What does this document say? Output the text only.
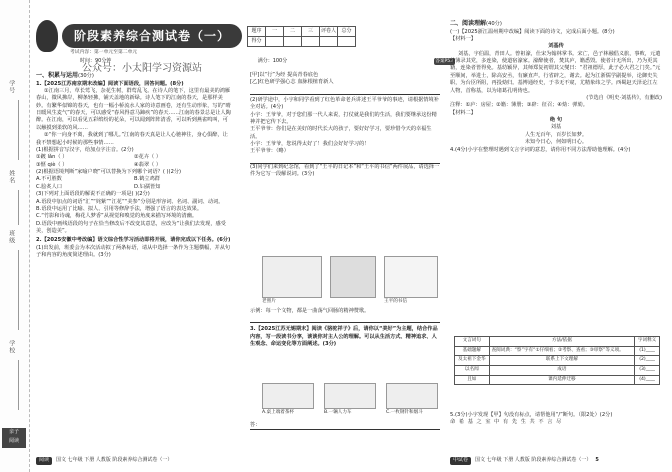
学号
姓名
班级
学校
亲子
阅读
阶段素养综合测试卷（一）
考试内容：第一单元至第二单元
题序	一	二	三	评卷人	总分
得分					
时间：90分钟	满分：100分	答案P53
公众号：小太阳学习资源站
一、积累与运用(30分)
1.【2025江苏南京期末改编】阅读下面语段，回答问题。(8分)
①江南三月，草长莺飞，杂花生树，群莺乱飞。在诗人的笔下，这里有最美的鸿雁春山，微风拂岸，柳条轻拂，铺天盖地的新绿。诗人笔下的江南的春天，是那样美妙。有繁华似锦的春天，也有一幅小桥流水人家的诗意画卷，还有生动形象，写的“晴日暖风生麦气”的春天，可以感受“春风得意马蹄疾”的春天……江南的春景总是让人陶醉。在江南，可以看见五彩缤纷的花朵，可以闻到阵阵清香，可以听到燕雀鸣叫，可以触摸到柔软的风……
②“你一向身不离，我就到了哪儿。”江南的春天真是让人心驰神往，身心俱醉，让我不禁想起小时候的那些事情……
(1)根据拼音写汉字，给加点字注音。(2分)
①踱 lǎn（ ）	②花卉（ ）
③惬 qiè（ ）	④翡翠（ ）
(2)根据语境判断“家喻户晓”可以替换为下列哪个词语？( )(2分)
A.不可胜数	B.鹤立鸡群
C.脍炙人口	D.妇孺皆知
(3)下列对上面语段的解说不正确的一项是( )(2分)
A.语段中加点的词语“汇”“姹紫”“江花”“美参”分别是形容词、名词、副词、动词。
B.语段中运用了比喻、拟人、引用等修辞手法，增强了语言的表达效果。
C.“竹影和诗魂，梅花人梦香”从视觉和嗅觉的角度来描写环境的清幽。
D.语段中画线语段的句子在恰当修改后不改变其意思，应改为“让我们去发现，感受美，创造美”。
2.【2025安徽中考改编】语文综合性学习活动即将开展，请你完成以下任务。(6分)
(1)出发前，班委会为本次活动拟了两条标语，请从中选择一条作为主题横幅，并从句子和内容的角度简述理由。(3分)
[甲]以“行”为经 提高青春底色
[乙]红色研学强心志 血脉根植育新人
(2)研学途中，小宇和同学看到了红色革命老兵讲述王平爷爷的事迹，请根据情境补全对话。(4分)
小宇：王爷爷，对于您们那一代人来说，打仗就是我们的生活，我们要继承这份精神并把它传下去。
王平爷爷：你们是在美好的时代长大的孩子，要好好学习，要珍惜今天的幸福生活。
小宇：王爷爷，您说得太好了！我们会好好学习的！
王平爷爷：（略）
(3)同学们来到纪念馆，看到了“王平的日记本”和“王平的书信”两件展品，请选择一件为它写一段解说词。(3分)
老照片	王平的书信
示例：每一个文物，都是一曲荡气回肠的精神赞歌。
3.【2025江苏无锡期末】阅读《骆驼祥子》后，请你以“美好”为主题，结合作品内容，写一段读书分享，谈谈你对主人公的理解。可以从生活方式、精神追求、人生观念、命运变化等方面阐述。(3分)
A.桌上端着茶杯	B.一辆人力车	C.一枚钢针和烟斗
答：
二、阅读理解(40分)
(一)【2025浙江温州期中改编】阅读下面的诗文，完成后面小题。(8分)
【材料一】
刘基传
刘基，字伯温，青田人。曾祖濠，仕宋为翰林掌书。宋亡，邑子林融倡义旅，事败，元遣使簿录其党，多连染，使道宿濠家。濠醉使者，焚其庐，籍悉毁。使者计无所出，乃为更其籍，连染者皆得免。基幼颖异，其师郑复初谓其父燮曰：“君祖德厚，此子必大君之门矣。”元至顺间，举进士，除高安丞，有廉直声。行省辟之，谢去。起为江浙儒学副提举，论御史失职，为台臣所阻，再投劾归。基博通经史，于书无不窥，尤精象纬之学。西蜀赵天泽论江左人物，首称基，以为诸葛孔明俦也。
(节选自《明史·刘基传》，有删改)
注释：①庐：房屋；②籍：簿册；③辟：征召；④劾：弹劾。
【材料二】
绝 句
刘基
人生无百年，百岁长如梦。
未知今日心，何如明日心。
4.(4分)小宇在整理时遇到文言字词的意思，请你用不同方法帮助他理解。(4分)
文言词句	方法/依据	字词释义
基础题解	查阅词典：“察”字有“①仔细看；②考察、查看；③审察”等义项。	(1)____
及太祖下金华	联系上下文理解	(2)____
以名闻	成语	(3)____
且如	课内延伸迁移	(4)____
5.(3分)小宇发现【甲】句没有标点，请帮他用“/”断句。（限2处）(2分)
命 希 基 之 室 中 有 先 生 共 不 言 尽
阅读	国文 七年级 下册 人教版 阶段素养综合测试卷（一）	中试卷	国文 七年级 下册 人教版 阶段素养综合测试卷（一） 5
